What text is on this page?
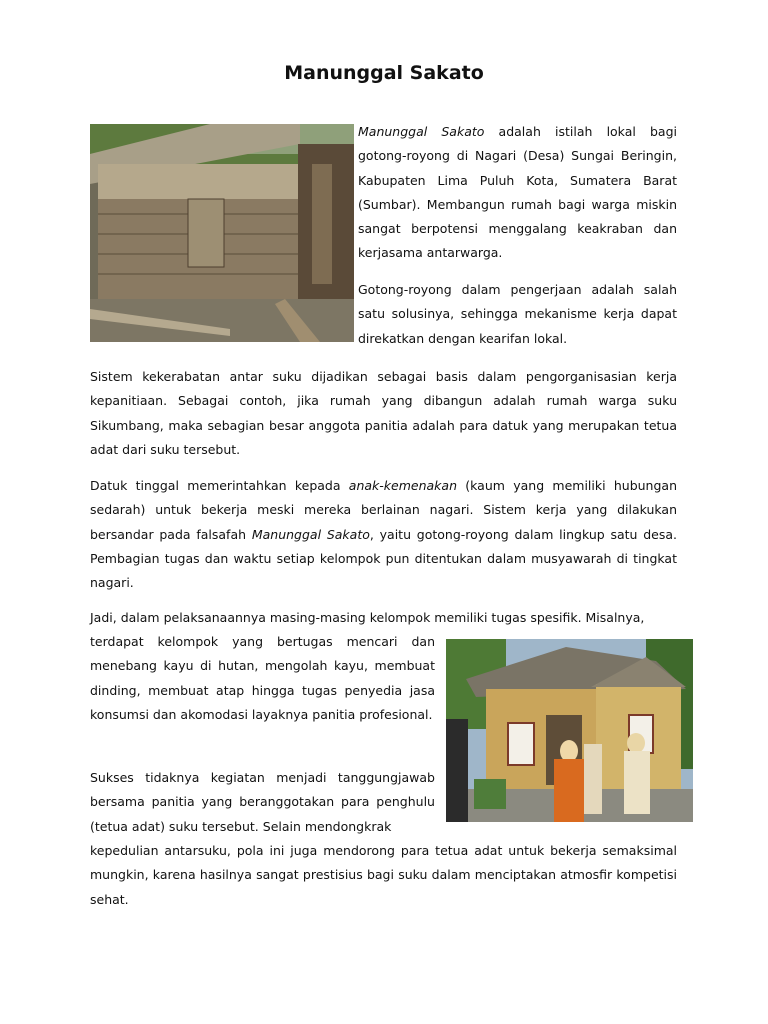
Manunggal Sakato

Manunggal Sakato adalah istilah lokal bagi gotong-royong di Nagari (Desa) Sungai Beringin, Kabupaten Lima Puluh Kota, Sumatera Barat (Sumbar). Membangun rumah bagi warga miskin sangat berpotensi menggalang keakraban dan kerjasama antarwarga.

Gotong-royong dalam pengerjaan adalah salah satu solusinya, sehingga mekanisme kerja dapat direkatkan dengan kearifan lokal.

Sistem kekerabatan antar suku dijadikan sebagai basis dalam pengorganisasian kerja kepanitiaan. Sebagai contoh, jika rumah yang dibangun adalah rumah warga suku Sikumbang, maka sebagian besar anggota panitia adalah para datuk yang merupakan tetua adat dari suku tersebut.

Datuk tinggal memerintahkan kepada anak-kemenakan (kaum yang memiliki hubungan sedarah) untuk bekerja meski mereka berlainan nagari. Sistem kerja yang dilakukan bersandar pada falsafah Manunggal Sakato, yaitu gotong-royong dalam lingkup satu desa. Pembagian tugas dan waktu setiap kelompok pun ditentukan dalam musyawarah di tingkat nagari.

Jadi, dalam pelaksanaannya masing-masing kelompok memiliki tugas spesifik. Misalnya,

terdapat kelompok yang bertugas mencari dan menebang kayu di hutan, mengolah kayu, membuat dinding, membuat atap hingga tugas penyedia jasa konsumsi dan akomodasi layaknya panitia profesional.

Sukses tidaknya kegiatan menjadi tanggungjawab bersama panitia yang beranggotakan para penghulu (tetua adat) suku tersebut. Selain mendongkrak

kepedulian antarsuku, pola ini juga mendorong para tetua adat untuk bekerja semaksimal mungkin, karena hasilnya sangat prestisius bagi suku dalam menciptakan atmosfir kompetisi sehat.
